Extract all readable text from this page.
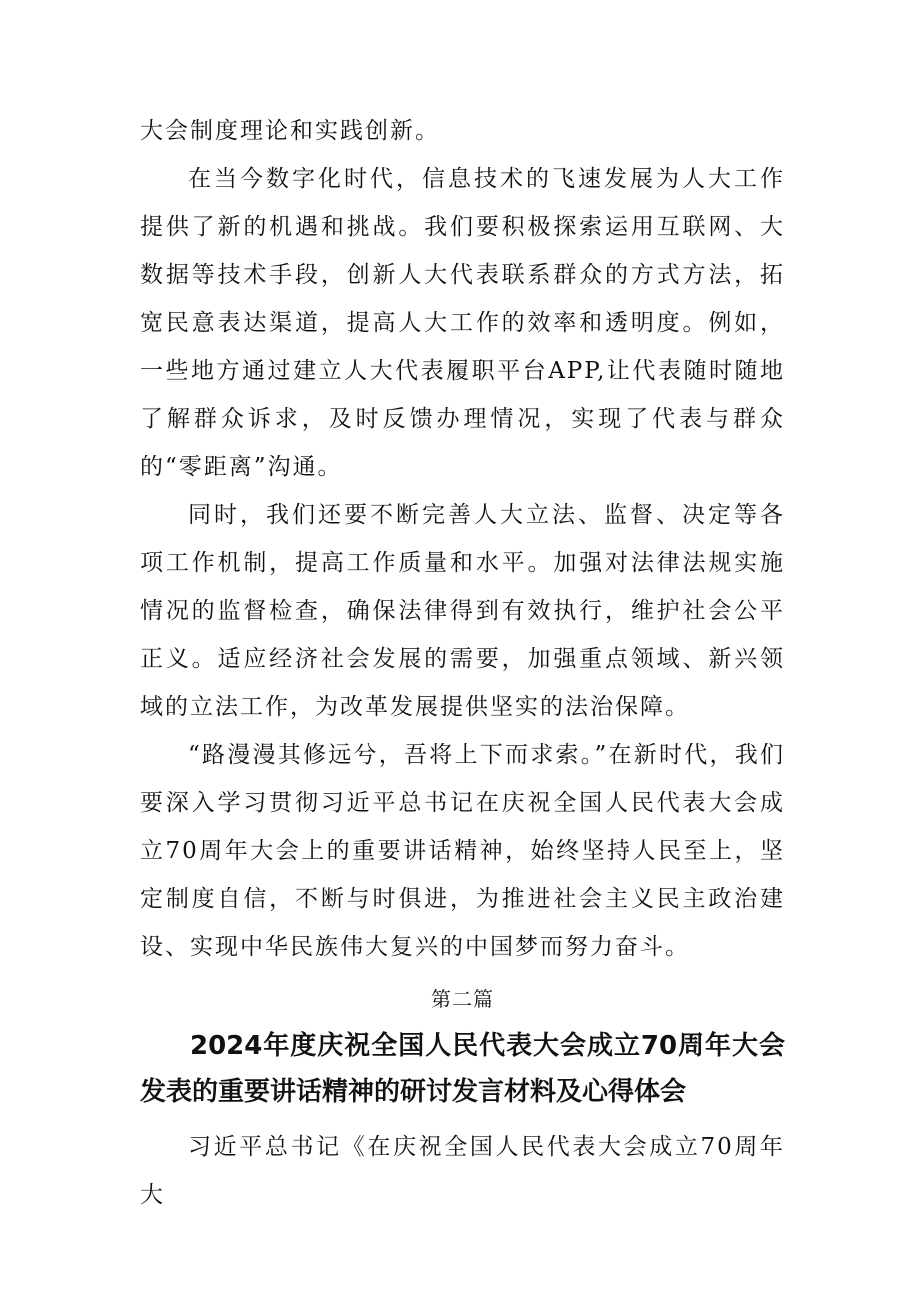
大会制度理论和实践创新。

在当今数字化时代，信息技术的飞速发展为人大工作提供了新的机遇和挑战。我们要积极探索运用互联网、大数据等技术手段，创新人大代表联系群众的方式方法，拓宽民意表达渠道，提高人大工作的效率和透明度。例如，一些地方通过建立人大代表履职平台APP,让代表随时随地了解群众诉求，及时反馈办理情况，实现了代表与群众的“零距离”沟通。

同时，我们还要不断完善人大立法、监督、决定等各项工作机制，提高工作质量和水平。加强对法律法规实施情况的监督检查，确保法律得到有效执行，维护社会公平正义。适应经济社会发展的需要，加强重点领域、新兴领域的立法工作，为改革发展提供坚实的法治保障。

“路漫漫其修远兮，吾将上下而求索。”在新时代，我们要深入学习贯彻习近平总书记在庆祝全国人民代表大会成立70周年大会上的重要讲话精神，始终坚持人民至上，坚定制度自信，不断与时俱进，为推进社会主义民主政治建设、实现中华民族伟大复兴的中国梦而努力奋斗。

第二篇
2024年度庆祝全国人民代表大会成立70周年大会发表的重要讲话精神的研讨发言材料及心得体会

习近平总书记《在庆祝全国人民代表大会成立70周年大
